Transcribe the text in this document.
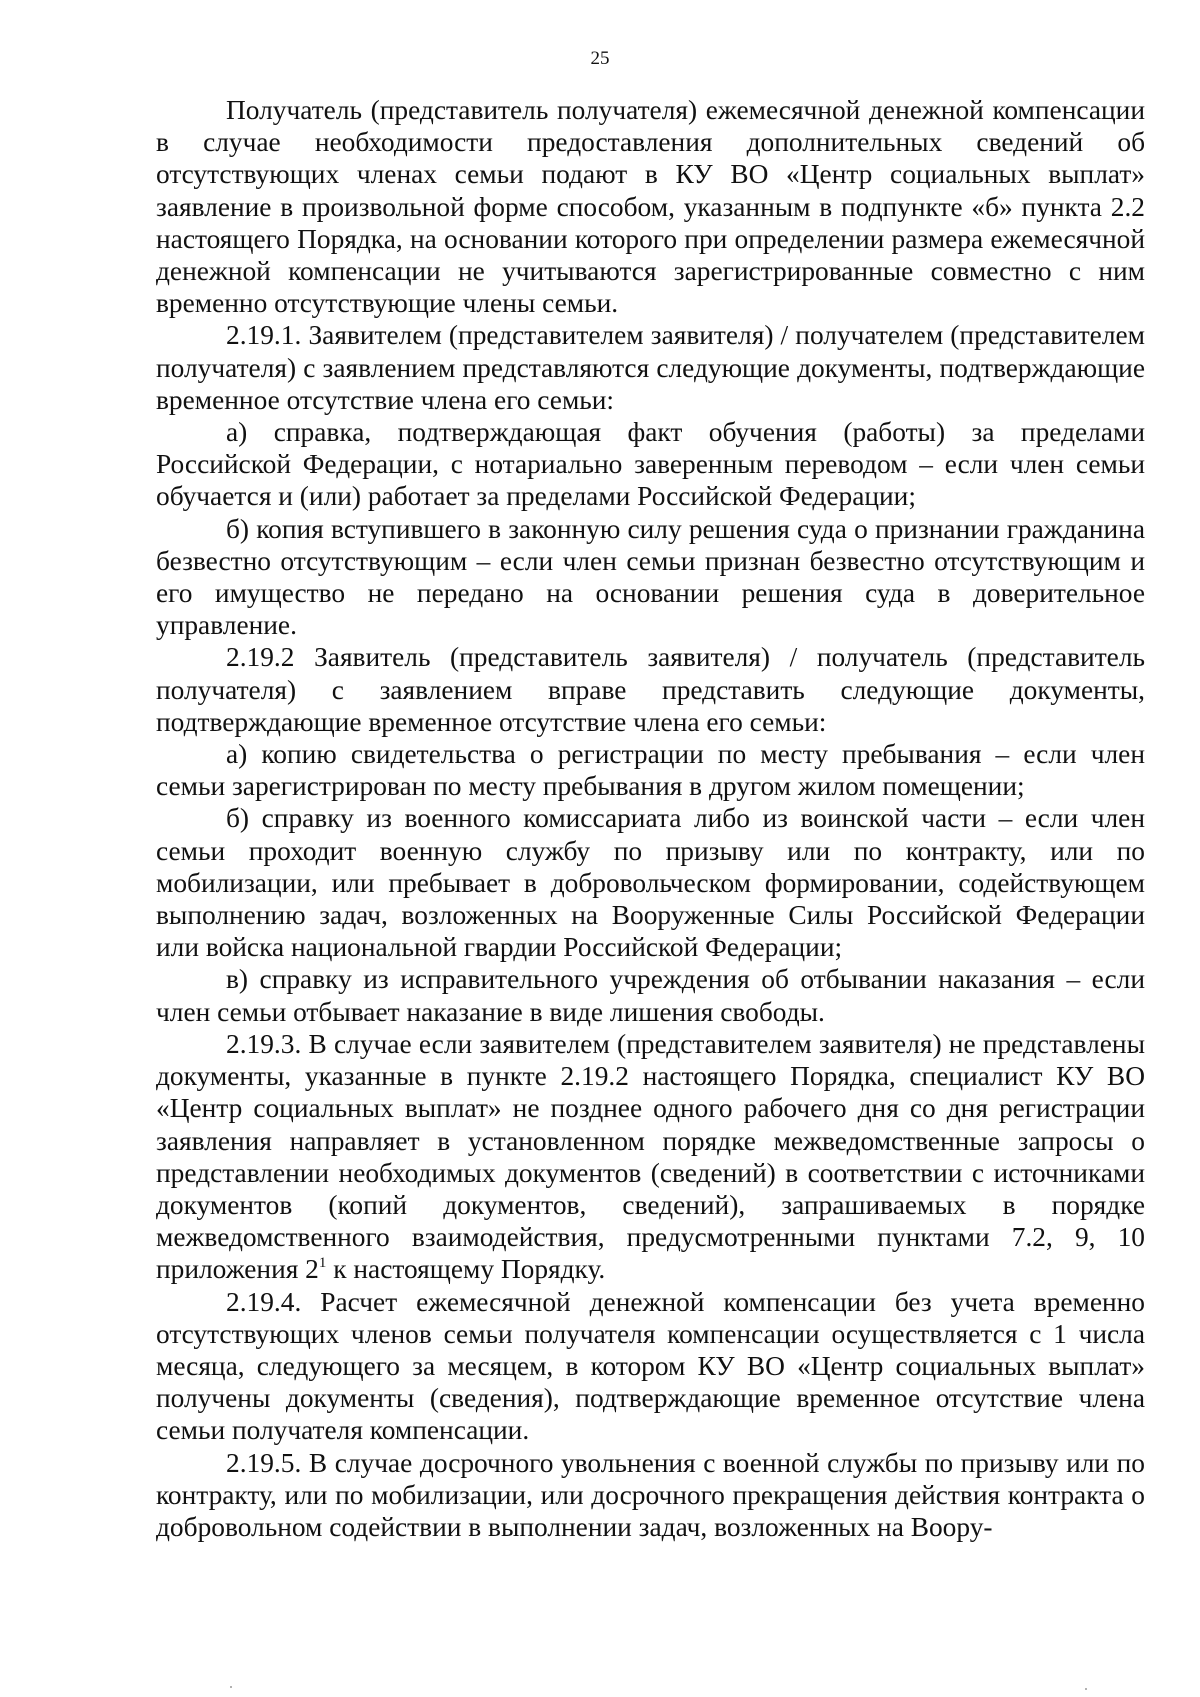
25

Получатель (представитель получателя) ежемесячной денежной компенсации в случае необходимости предоставления дополнительных сведений об отсутствующих членах семьи подают в КУ ВО «Центр социальных выплат» заявление в произвольной форме способом, указанным в подпункте «б» пункта 2.2 настоящего Порядка, на основании которого при определении размера ежемесячной денежной компенсации не учитываются зарегистрированные совместно с ним временно отсутствующие члены семьи.

2.19.1. Заявителем (представителем заявителя) / получателем (представителем получателя) с заявлением представляются следующие документы, подтверждающие временное отсутствие члена его семьи:

а) справка, подтверждающая факт обучения (работы) за пределами Российской Федерации, с нотариально заверенным переводом – если член семьи обучается и (или) работает за пределами Российской Федерации;

б) копия вступившего в законную силу решения суда о признании гражданина безвестно отсутствующим – если член семьи признан безвестно отсутствующим и его имущество не передано на основании решения суда в доверительное управление.

2.19.2 Заявитель (представитель заявителя) / получатель (представитель получателя) с заявлением вправе представить следующие документы, подтверждающие временное отсутствие члена его семьи:

а) копию свидетельства о регистрации по месту пребывания – если член семьи зарегистрирован по месту пребывания в другом жилом помещении;

б) справку из военного комиссариата либо из воинской части – если член семьи проходит военную службу по призыву или по контракту, или по мобилизации, или пребывает в добровольческом формировании, содействующем выполнению задач, возложенных на Вооруженные Силы Российской Федерации или войска национальной гвардии Российской Федерации;

в) справку из исправительного учреждения об отбывании наказания – если член семьи отбывает наказание в виде лишения свободы.

2.19.3. В случае если заявителем (представителем заявителя) не представлены документы, указанные в пункте 2.19.2 настоящего Порядка, специалист КУ ВО «Центр социальных выплат» не позднее одного рабочего дня со дня регистрации заявления направляет в установленном порядке межведомственные запросы о представлении необходимых документов (сведений) в соответствии с источниками документов (копий документов, сведений), запрашиваемых в порядке межведомственного взаимодействия, предусмотренными пунктами 7.2, 9, 10 приложения $2^1$ к настоящему Порядку.

2.19.4. Расчет ежемесячной денежной компенсации без учета временно отсутствующих членов семьи получателя компенсации осуществляется с 1 числа месяца, следующего за месяцем, в котором КУ ВО «Центр социальных выплат» получены документы (сведения), подтверждающие временное отсутствие члена семьи получателя компенсации.

2.19.5. В случае досрочного увольнения с военной службы по призыву или по контракту, или по мобилизации, или досрочного прекращения действия контракта о добровольном содействии в выполнении задач, возложенных на Воору-
